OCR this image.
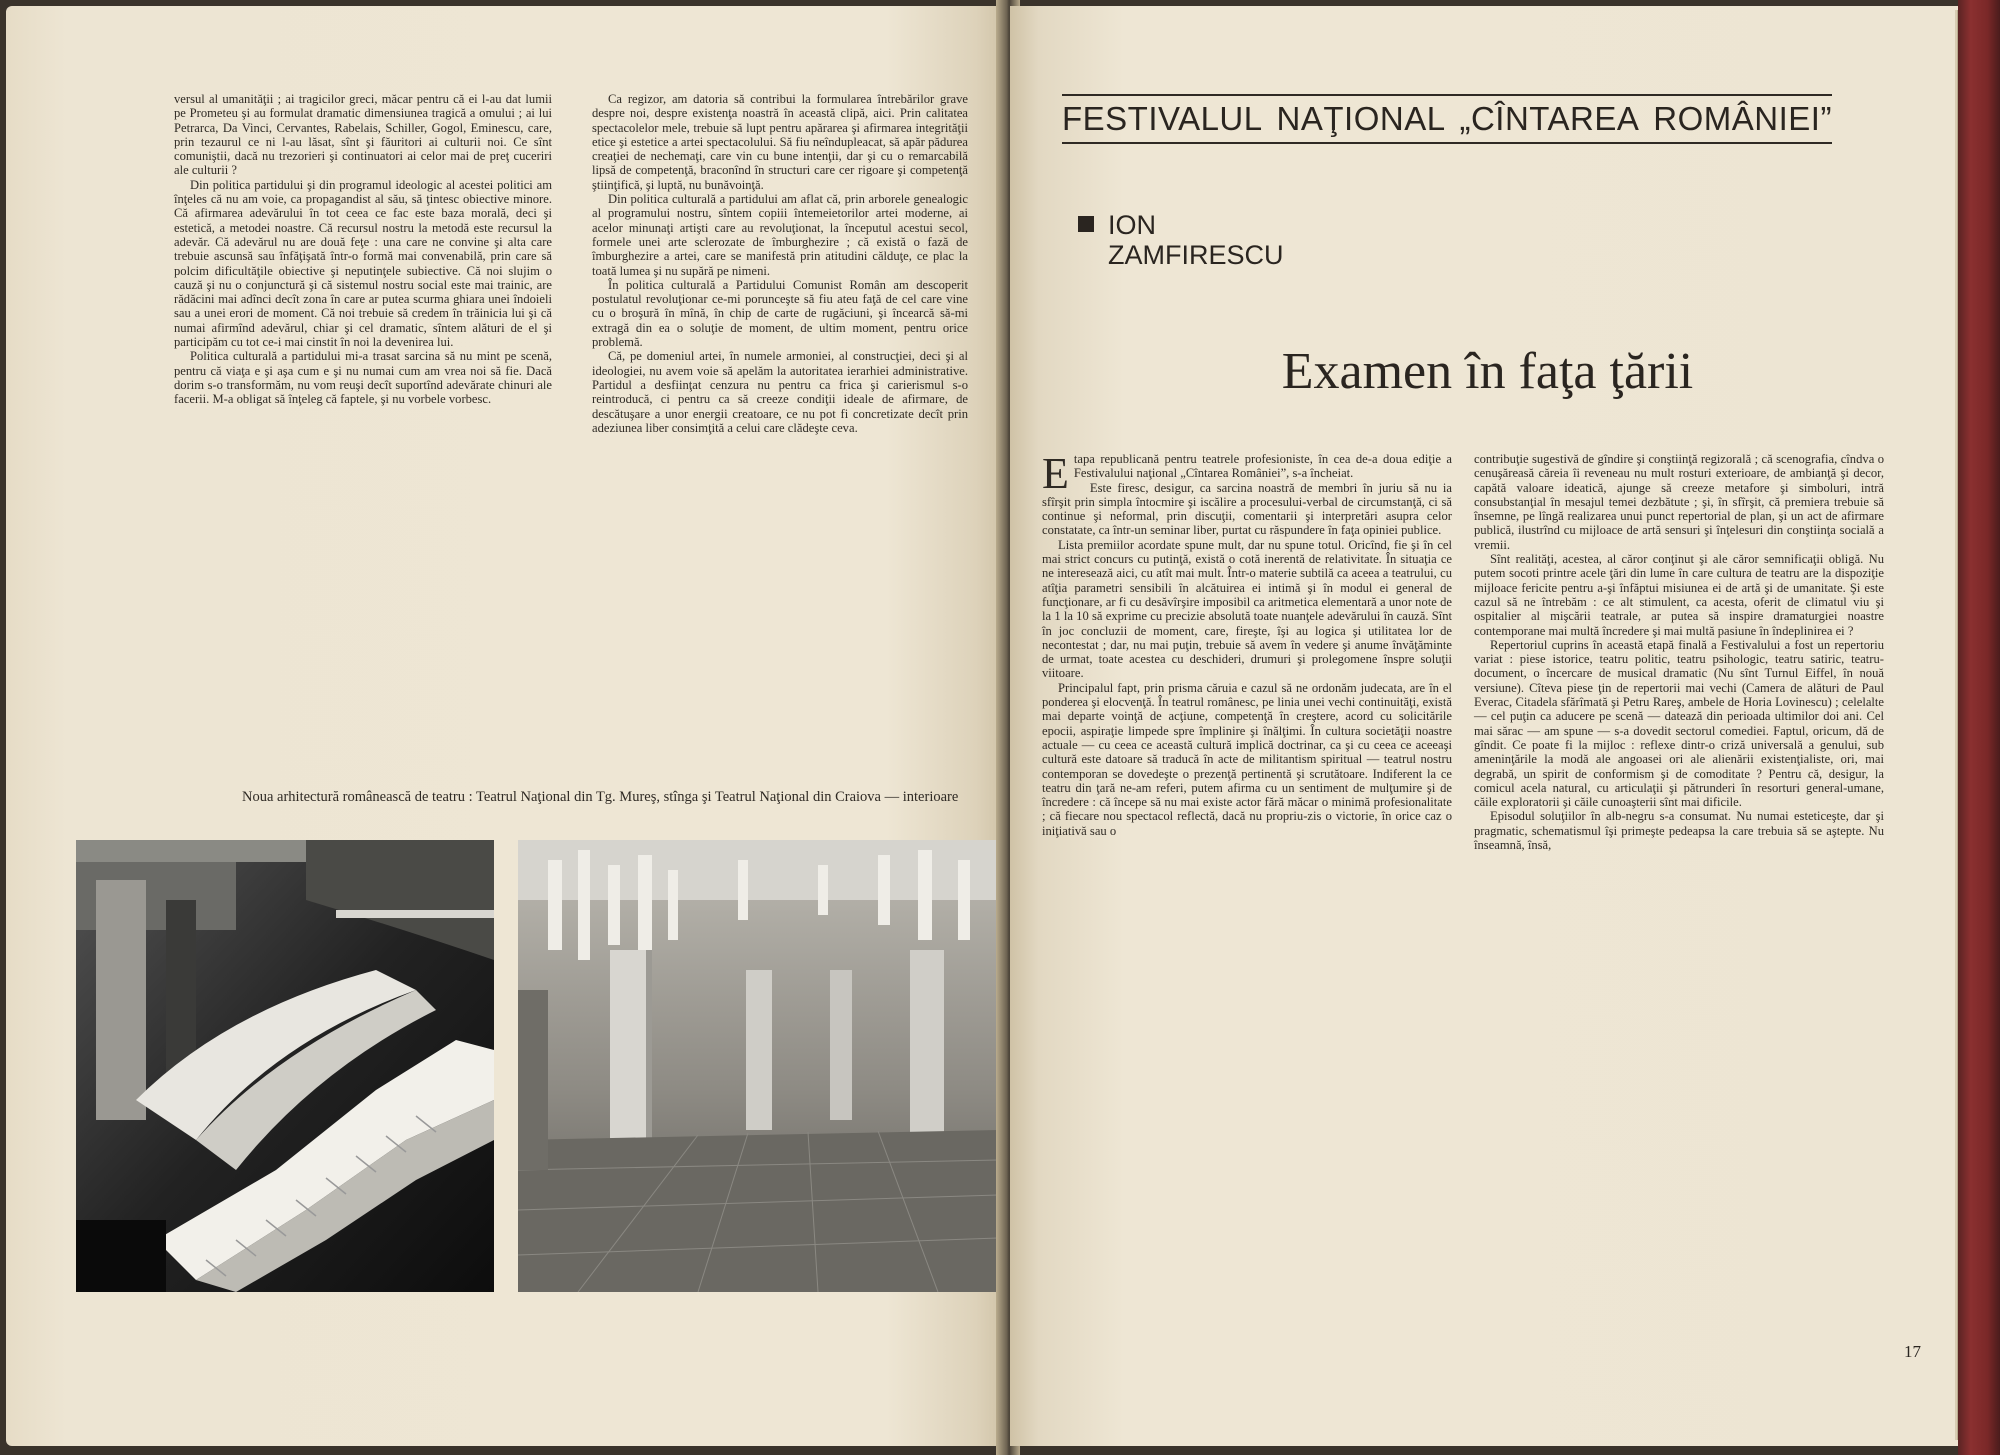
versul al umanităţii ; ai tragicilor greci, măcar pentru că ei l-au dat lumii pe Prometeu şi au formulat dramatic dimensiunea tragică a omului ; ai lui Petrarca, Da Vinci, Cervantes, Rabelais, Schiller, Gogol, Eminescu, care, prin tezaurul ce ni l-au lăsat, sînt şi făuritori ai culturii noi. Ce sînt comuniştii, dacă nu trezorieri şi continuatori ai celor mai de preţ cuceriri ale culturii ?

Din politica partidului şi din programul ideologic al acestei politici am înţeles că nu am voie, ca propagandist al său, să ţintesc obiective minore. Că afirmarea adevărului în tot ceea ce fac este baza morală, deci şi estetică, a metodei noastre. Că recursul nostru la metodă este recursul la adevăr. Că adevărul nu are două feţe : una care ne convine şi alta care trebuie ascunsă sau înfăţişată într-o formă mai convenabilă, prin care să polcim dificultăţile obiective şi neputinţele subiective. Că noi slujim o cauză şi nu o conjunctură şi că sistemul nostru social este mai trainic, are rădăcini mai adînci decît zona în care ar putea scurma ghiara unei îndoieli sau a unei erori de moment. Că noi trebuie să credem în trăinicia lui şi că numai afirmînd adevărul, chiar şi cel dramatic, sîntem alături de el şi participăm cu tot ce-i mai cinstit în noi la devenirea lui.

Politica culturală a partidului mi-a trasat sarcina să nu mint pe scenă, pentru că viaţa e şi aşa cum e şi nu numai cum am vrea noi să fie. Dacă dorim s-o transformăm, nu vom reuşi decît suportînd adevărate chinuri ale facerii. M-a obligat să înţeleg că faptele, şi nu vorbele vorbesc.

Ca regizor, am datoria să contribui la formularea întrebărilor grave despre noi, despre existenţa noastră în această clipă, aici. Prin calitatea spectacolelor mele, trebuie să lupt pentru apărarea şi afirmarea integrităţii etice şi estetice a artei spectacolului. Să fiu neîndupleacat, să apăr pădurea creaţiei de nechemaţi, care vin cu bune intenţii, dar şi cu o remarcabilă lipsă de competenţă, braconînd în structuri care cer rigoare şi competenţă ştiinţifică, şi luptă, nu bunăvoinţă.

Din politica culturală a partidului am aflat că, prin arborele genealogic al programului nostru, sîntem copiii întemeietorilor artei moderne, ai acelor minunaţi artişti care au revoluţionat, la începutul acestui secol, formele unei arte sclerozate de îmburghezire ; că există o fază de îmburghezire a artei, care se manifestă prin atitudini călduţe, ce plac la toată lumea şi nu supără pe nimeni.

În politica culturală a Partidului Comunist Român am descoperit postulatul revoluţionar ce-mi porunceşte să fiu ateu faţă de cel care vine cu o broşură în mînă, în chip de carte de rugăciuni, şi încearcă să-mi extragă din ea o soluţie de moment, de ultim moment, pentru orice problemă.

Că, pe domeniul artei, în numele armoniei, al construcţiei, deci şi al ideologiei, nu avem voie să apelăm la autoritatea ierarhiei administrative. Partidul a desfiinţat cenzura nu pentru ca frica şi carierismul s-o reintroducă, ci pentru ca să creeze condiţii ideale de afirmare, de descătuşare a unor energii creatoare, ce nu pot fi concretizate decît prin adeziunea liber consimţită a celui care clădeşte ceva.

Noua arhitectură românească de teatru : Teatrul Naţional din Tg. Mureş, stînga şi Teatrul Naţional din Craiova — interioare
FESTIVALUL NAŢIONAL „CÎNTAREA ROMÂNIEI”
ION
ZAMFIRESCU
Examen în faţa ţării

Etapa republicană pentru teatrele profesioniste, în cea de-a doua ediţie a Festivalului naţional „Cîntarea României”, s-a încheiat.

Este firesc, desigur, ca sarcina noastră de membri în juriu să nu ia sfîrşit prin simpla întocmire şi iscălire a procesului-verbal de circumstanţă, ci să continue şi neformal, prin discuţii, comentarii şi interpretări asupra celor constatate, ca într-un seminar liber, purtat cu răspundere în faţa opiniei publice.

Lista premiilor acordate spune mult, dar nu spune totul. Oricînd, fie şi în cel mai strict concurs cu putinţă, există o cotă inerentă de relativitate. În situaţia ce ne interesează aici, cu atît mai mult. Într-o materie subtilă ca aceea a teatrului, cu atîţia parametri sensibili în alcătuirea ei intimă şi în modul ei general de funcţionare, ar fi cu desăvîrşire imposibil ca aritmetica elementară a unor note de la 1 la 10 să exprime cu precizie absolută toate nuanţele adevărului în cauză. Sînt în joc concluzii de moment, care, fireşte, îşi au logica şi utilitatea lor de necontestat ; dar, nu mai puţin, trebuie să avem în vedere şi anume învăţăminte de urmat, toate acestea cu deschideri, drumuri şi prolegomene înspre soluţii viitoare.

Principalul fapt, prin prisma căruia e cazul să ne ordonăm judecata, are în el ponderea şi elocvenţă. În teatrul românesc, pe linia unei vechi continuităţi, există mai departe voinţă de acţiune, competenţă în creştere, acord cu solicitările epocii, aspiraţie limpede spre împlinire şi înălţimi. În cultura societăţii noastre actuale — cu ceea ce această cultură implică doctrinar, ca şi cu ceea ce aceeaşi cultură este datoare să traducă în acte de militantism spiritual — teatrul nostru contemporan se dovedeşte o prezenţă pertinentă şi scrutătoare. Indiferent la ce teatru din ţară ne-am referi, putem afirma cu un sentiment de mulţumire şi de încredere : că începe să nu mai existe actor fără măcar o minimă profesionalitate ; că fiecare nou spectacol reflectă, dacă nu propriu-zis o victorie, în orice caz o iniţiativă sau o

contribuţie sugestivă de gîndire şi conştiinţă regizorală ; că scenografia, cîndva o cenuşăreasă căreia îi reveneau nu mult rosturi exterioare, de ambianţă şi decor, capătă valoare ideatică, ajunge să creeze metafore şi simboluri, intră consubstanţial în mesajul temei dezbătute ; şi, în sfîrşit, că premiera trebuie să însemne, pe lîngă realizarea unui punct repertorial de plan, şi un act de afirmare publică, ilustrînd cu mijloace de artă sensuri şi înţelesuri din conştiinţa socială a vremii.

Sînt realităţi, acestea, al căror conţinut şi ale căror semnificaţii obligă. Nu putem socoti printre acele ţări din lume în care cultura de teatru are la dispoziţie mijloace fericite pentru a-şi înfăptui misiunea ei de artă şi de umanitate. Şi este cazul să ne întrebăm : ce alt stimulent, ca acesta, oferit de climatul viu şi ospitalier al mişcării teatrale, ar putea să inspire dramaturgiei noastre contemporane mai multă încredere şi mai multă pasiune în îndeplinirea ei ?

Repertoriul cuprins în această etapă finală a Festivalului a fost un repertoriu variat : piese istorice, teatru politic, teatru psihologic, teatru satiric, teatru-document, o încercare de musical dramatic (Nu sînt Turnul Eiffel, în nouă versiune). Cîteva piese ţin de repertorii mai vechi (Camera de alături de Paul Everac, Citadela sfărîmată şi Petru Rareş, ambele de Horia Lovinescu) ; celelalte — cel puţin ca aducere pe scenă — datează din perioada ultimilor doi ani. Cel mai sărac — am spune — s-a dovedit sectorul comediei. Faptul, oricum, dă de gîndit. Ce poate fi la mijloc : reflexe dintr-o criză universală a genului, sub ameninţările la modă ale angoasei ori ale alienării existenţialiste, ori, mai degrabă, un spirit de conformism şi de comoditate ? Pentru că, desigur, la comicul acela natural, cu articulaţii şi pătrunderi în resorturi general-umane, căile exploratorii şi căile cunoaşterii sînt mai dificile.

Episodul soluţiilor în alb-negru s-a consumat. Nu numai esteticeşte, dar şi pragmatic, schematismul îşi primeşte pedeapsa la care trebuia să se aştepte. Nu înseamnă, însă,

17
